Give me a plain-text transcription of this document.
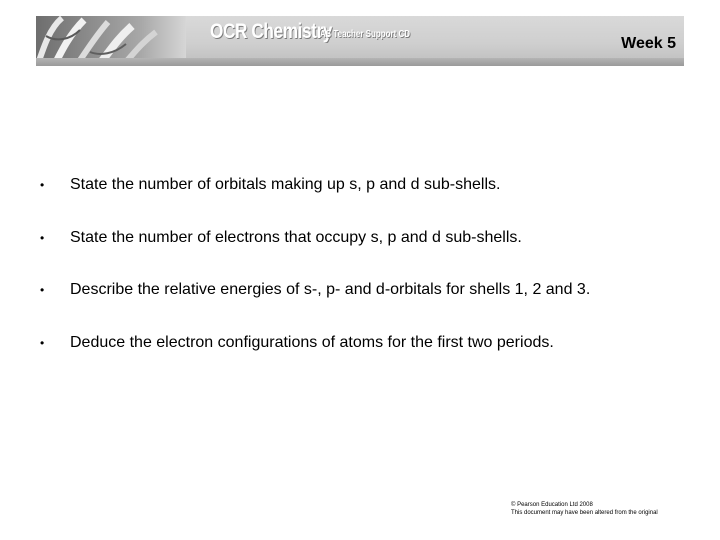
OCR Chemistry
AS Teacher Support CD
Week 5
• State the number of orbitals making up s, p and d sub-shells.
• State the number of electrons that occupy s, p and d sub-shells.
• Describe the relative energies of s-, p- and d-orbitals for shells 1, 2 and 3.
• Deduce the electron configurations of atoms for the first two periods.
© Pearson Education Ltd 2008
This document may have been altered from the original
